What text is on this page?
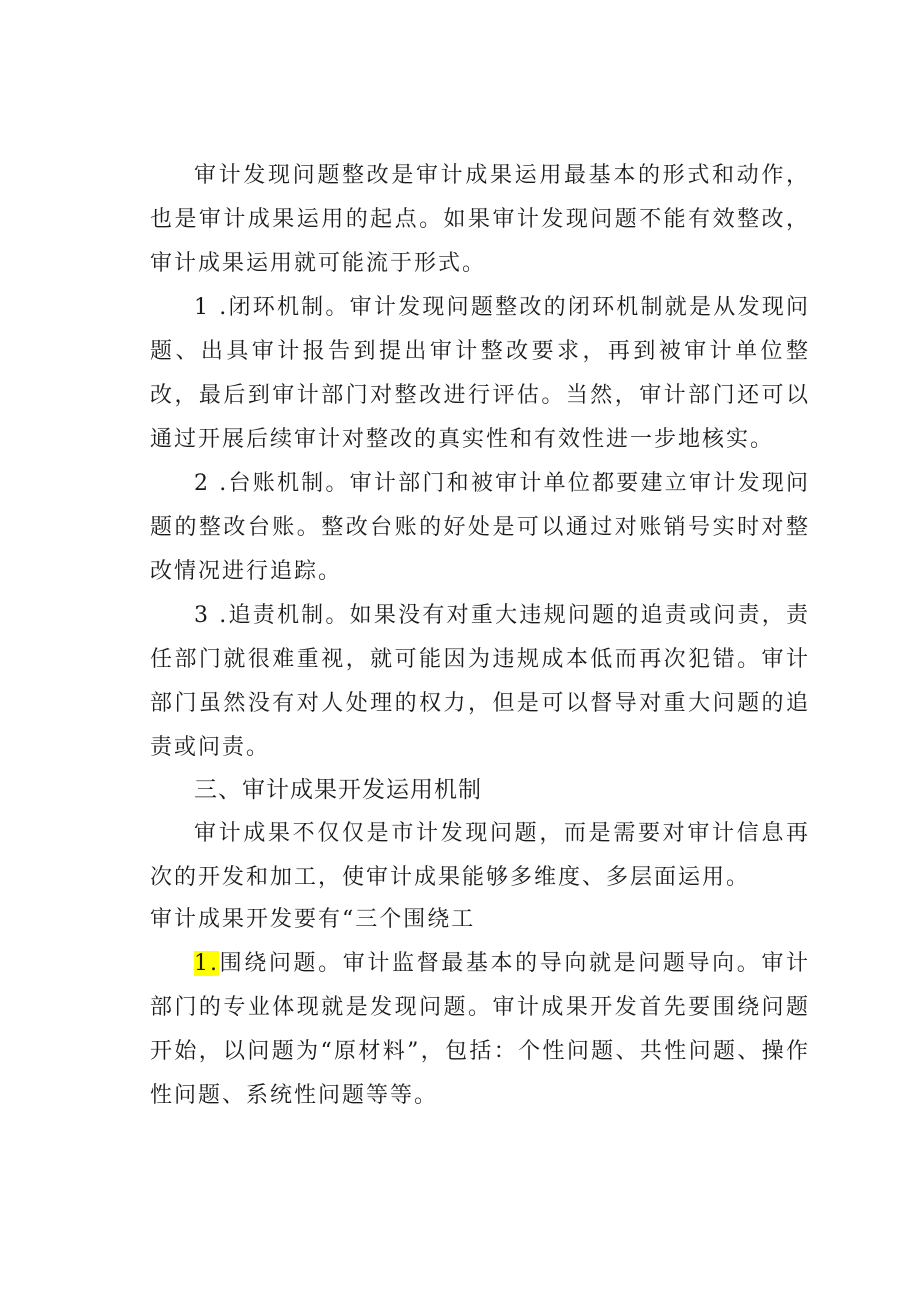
审计发现问题整改是审计成果运用最基本的形式和动作，也是审计成果运用的起点。如果审计发现问题不能有效整改，审计成果运用就可能流于形式。

1 .闭环机制。审计发现问题整改的闭环机制就是从发现问题、出具审计报告到提出审计整改要求，再到被审计单位整改，最后到审计部门对整改进行评估。当然，审计部门还可以通过开展后续审计对整改的真实性和有效性进一步地核实。

2 .台账机制。审计部门和被审计单位都要建立审计发现问题的整改台账。整改台账的好处是可以通过对账销号实时对整改情况进行追踪。

3 .追责机制。如果没有对重大违规问题的追责或问责，责任部门就很难重视，就可能因为违规成本低而再次犯错。审计部门虽然没有对人处理的权力，但是可以督导对重大问题的追责或问责。

三、审计成果开发运用机制

审计成果不仅仅是市计发现问题，而是需要对审计信息再次的开发和加工，使审计成果能够多维度、多层面运用。

审计成果开发要有“三个围绕工

1.围绕问题。审计监督最基本的导向就是问题导向。审计部门的专业体现就是发现问题。审计成果开发首先要围绕问题开始，以问题为“原材料”，包括：个性问题、共性问题、操作性问题、系统性问题等等。
